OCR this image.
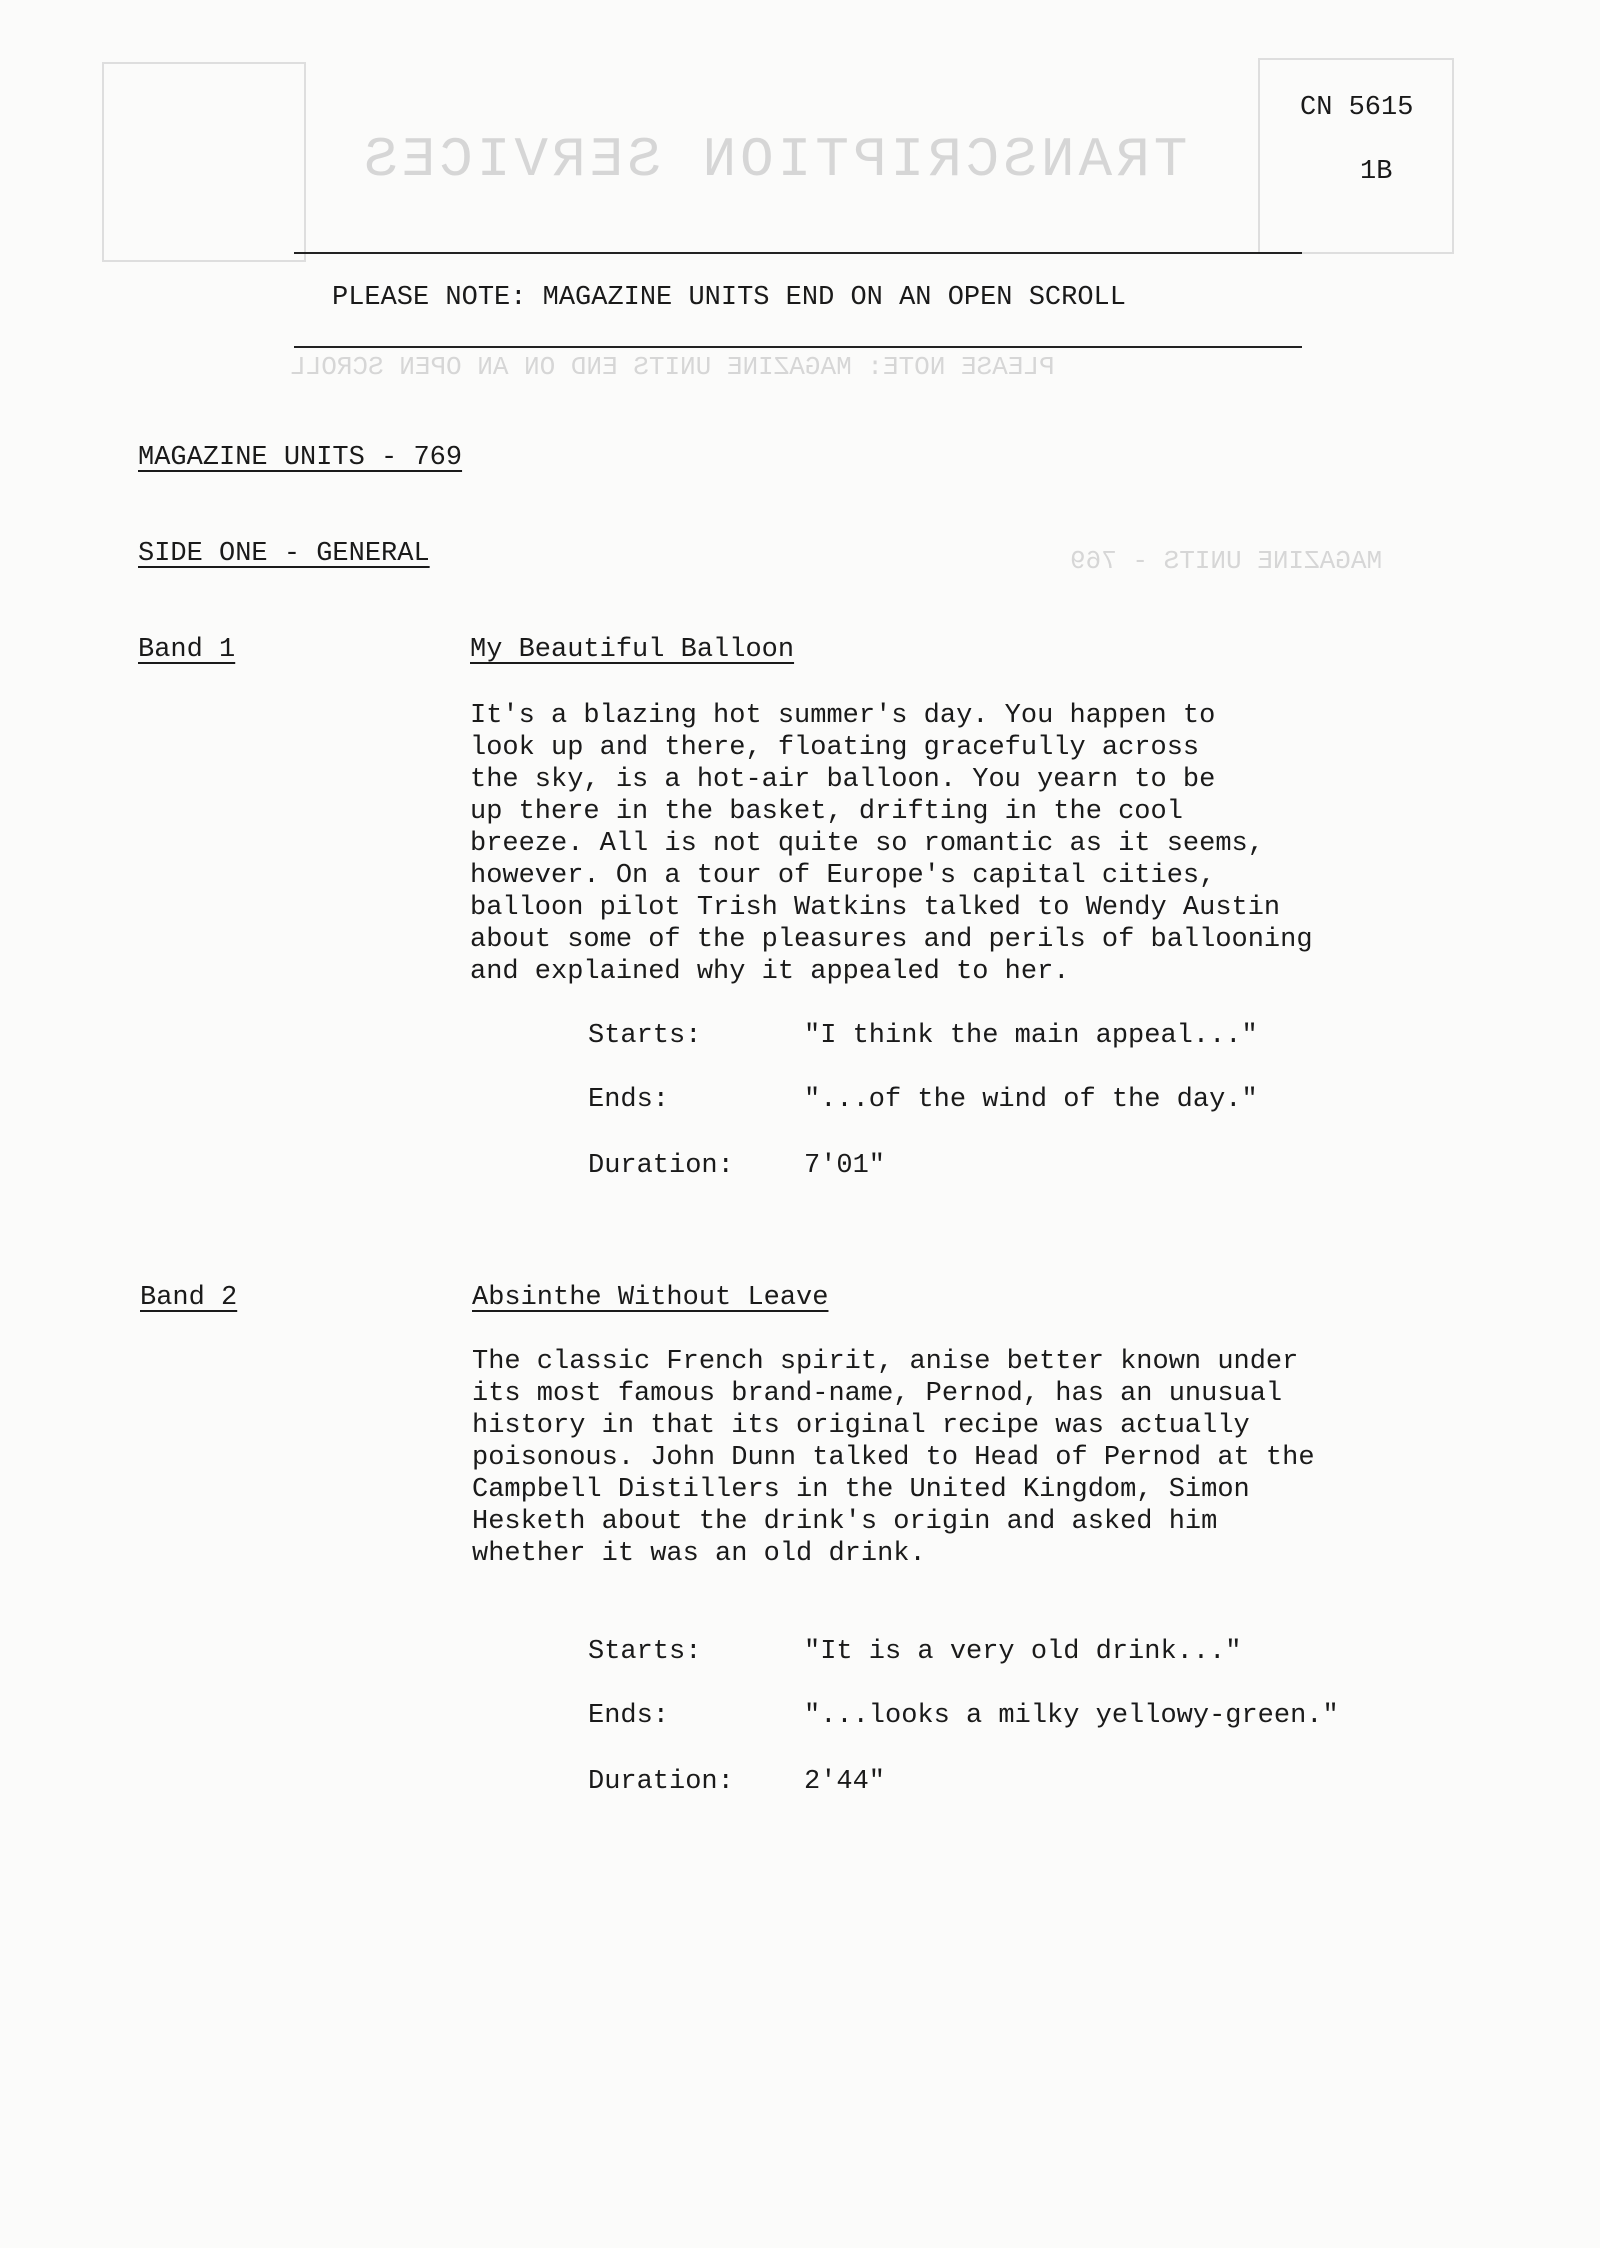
TRANSCRIPTION SERVICES
PLEASE NOTE: MAGAZINE UNITS END ON AN OPEN SCROLL
MAGAZINE UNITS - 769
CN 5615
1B
PLEASE NOTE: MAGAZINE UNITS END ON AN OPEN SCROLL
MAGAZINE UNITS - 769
SIDE ONE - GENERAL
Band 1	My Beautiful Balloon
It's a blazing hot summer's day. You happen to
look up and there, floating gracefully across
the sky, is a hot-air balloon. You yearn to be
up there in the basket, drifting in the cool
breeze. All is not quite so romantic as it seems,
however. On a tour of Europe's capital cities,
balloon pilot Trish Watkins talked to Wendy Austin
about some of the pleasures and perils of ballooning
and explained why it appealed to her.
Starts:	"I think the main appeal..."
Ends:	"...of the wind of the day."
Duration:	7'01"
Band 2	Absinthe Without Leave
The classic French spirit, anise better known under
its most famous brand-name, Pernod, has an unusual
history in that its original recipe was actually
poisonous. John Dunn talked to Head of Pernod at the
Campbell Distillers in the United Kingdom, Simon
Hesketh about the drink's origin and asked him
whether it was an old drink.
Starts:	"It is a very old drink..."
Ends:	"...looks a milky yellowy-green."
Duration:	2'44"
